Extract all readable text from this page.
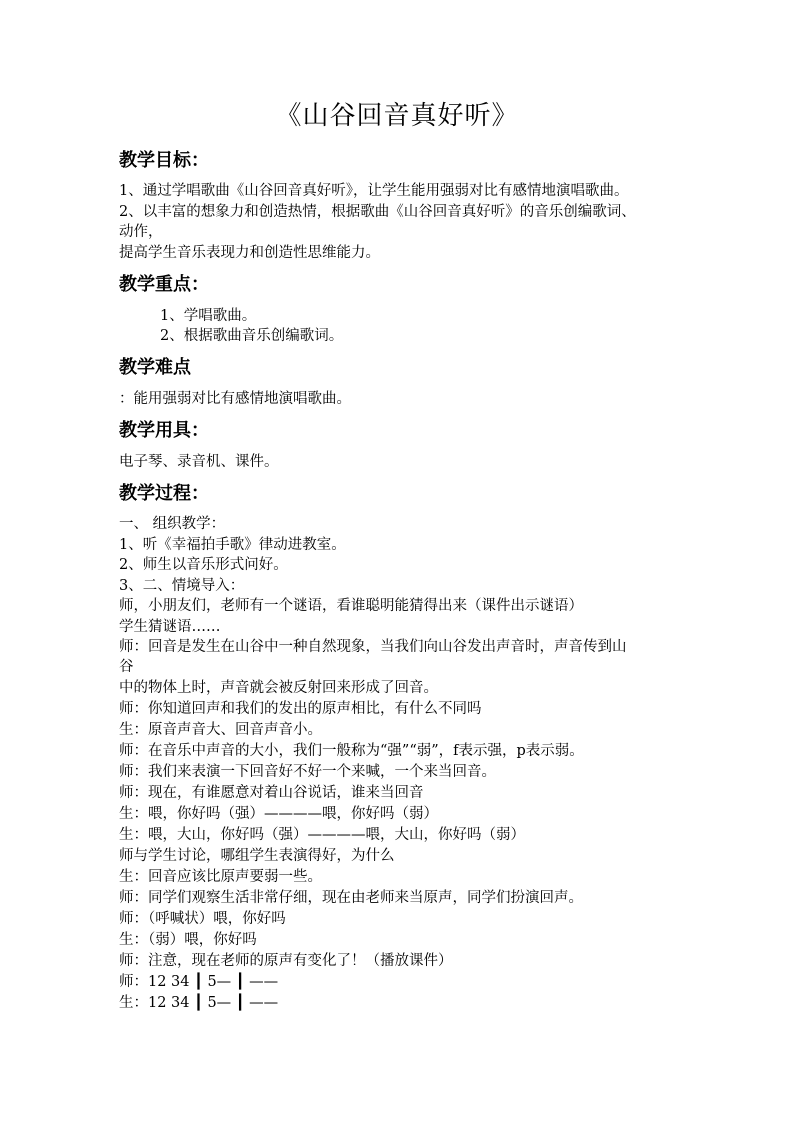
《山谷回音真好听》
教学目标：
1、通过学唱歌曲《山谷回音真好听》，让学生能用强弱对比有感情地演唱歌曲。
2、以丰富的想象力和创造热情，根据歌曲《山谷回音真好听》的音乐创编歌词、
动作，
提高学生音乐表现力和创造性思维能力。
教学重点：
1、学唱歌曲。
2、根据歌曲音乐创编歌词。
教学难点
：能用强弱对比有感情地演唱歌曲。
教学用具：
电子琴、录音机、课件。
教学过程：
一、 组织教学：
1、听《幸福拍手歌》律动进教室。
2、师生以音乐形式问好。
3、二、情境导入：
师，小朋友们，老师有一个谜语，看谁聪明能猜得出来（课件出示谜语）
学生猜谜语……
师：回音是发生在山谷中一种自然现象，当我们向山谷发出声音时，声音传到山
谷
中的物体上时，声音就会被反射回来形成了回音。
师：你知道回声和我们的发出的原声相比，有什么不同吗
生：原音声音大、回音声音小。
师：在音乐中声音的大小，我们一般称为“强”“弱”，f表示强，p表示弱。
师：我们来表演一下回音好不好一个来喊，一个来当回音。
师：现在，有谁愿意对着山谷说话，谁来当回音
生：喂，你好吗（强）————喂，你好吗（弱）
生：喂，大山，你好吗（强）————喂，大山，你好吗（弱）
师与学生讨论，哪组学生表演得好，为什么
生：回音应该比原声要弱一些。
师：同学们观察生活非常仔细，现在由老师来当原声，同学们扮演回声。
师：（呼喊状）喂，你好吗
生：（弱）喂，你好吗
师：注意，现在老师的原声有变化了！（播放课件）
师：12 34 ┃ 5— ┃ ——
生：12 34 ┃ 5— ┃ ——
